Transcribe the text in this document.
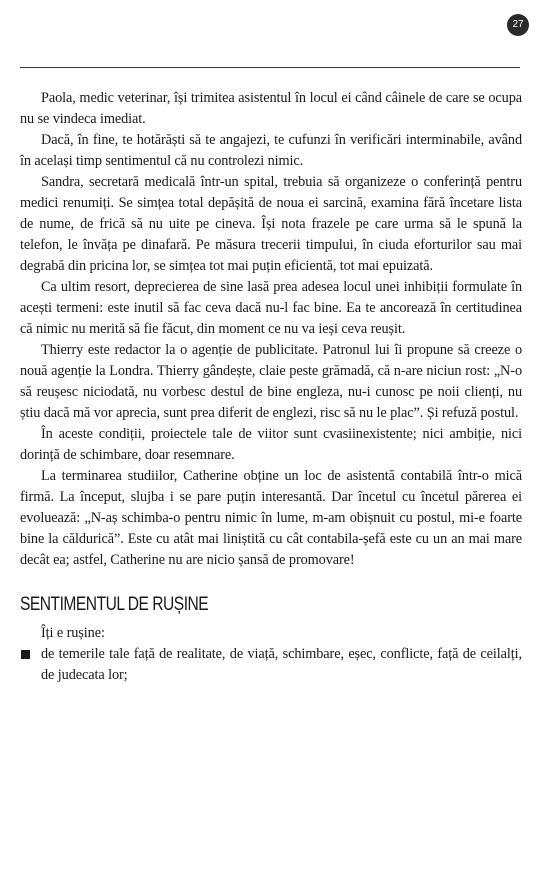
27

Paola, medic veterinar, își trimitea asistentul în locul ei când câinele de care se ocupa nu se vindeca imediat.

Dacă, în fine, te hotărăști să te angajezi, te cufunzi în verificări interminabile, având în același timp sentimentul că nu controlezi nimic.

Sandra, secretară medicală într-un spital, trebuia să organizeze o conferință pentru medici renumiți. Se simțea total depășită de noua ei sarcină, examina fără încetare lista de nume, de frică să nu uite pe cineva. Își nota frazele pe care urma să le spună la telefon, le învăța pe dinafară. Pe măsura trecerii timpului, în ciuda eforturilor sau mai degrabă din pricina lor, se simțea tot mai puțin eficientă, tot mai epuizată.

Ca ultim resort, deprecierea de sine lasă prea adesea locul unei inhibiții formulate în acești termeni: este inutil să fac ceva dacă nu-l fac bine. Ea te ancorează în certitudinea că nimic nu merită să fie făcut, din moment ce nu va ieși ceva reușit.

Thierry este redactor la o agenție de publicitate. Patronul lui îi propune să creeze o nouă agenție la Londra. Thierry gândește, claie peste grămadă, că n-are niciun rost: „N-o să reușesc niciodată, nu vorbesc destul de bine engleza, nu-i cunosc pe noii clienți, nu știu dacă mă vor aprecia, sunt prea diferit de englezi, risc să nu le plac”. Și refuză postul.

În aceste condiții, proiectele tale de viitor sunt cvasiinexistente; nici ambiție, nici dorință de schimbare, doar resemnare.

La terminarea studiilor, Catherine obține un loc de asistentă contabilă într-o mică firmă. La început, slujba i se pare puțin interesantă. Dar încetul cu încetul părerea ei evoluează: „N-aș schimba-o pentru nimic în lume, m-am obișnuit cu postul, mi-e foarte bine la căldurică”. Este cu atât mai liniștită cu cât contabila-șefă este cu un an mai mare decât ea; astfel, Catherine nu are nicio șansă de promovare!

SENTIMENTUL DE RUȘINE

Îți e rușine:

de temerile tale față de realitate, de viață, schimbare, eșec, conflicte, față de ceilalți, de judecata lor;
